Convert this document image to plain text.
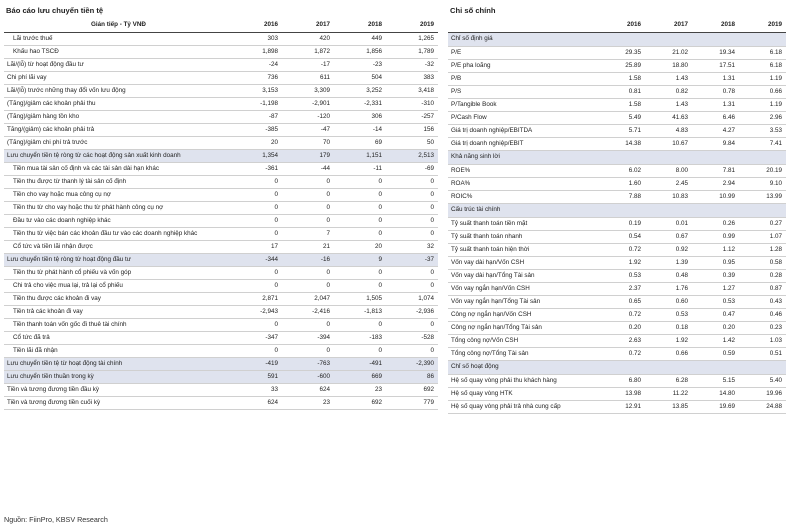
Báo cáo lưu chuyển tiền tệ
Gián tiếp - Tỷ VNĐ	2016	2017	2018	2019
Lãi trước thuế	303	420	449	1,265
Khấu hao TSCĐ	1,898	1,872	1,856	1,789
Lãi/(lỗ) từ hoạt động đầu tư	-24	-17	-23	-32
Chi phí lãi vay	736	611	504	383
Lãi/(lỗ) trước những thay đổi vốn lưu động	3,153	3,309	3,252	3,418
(Tăng)/giảm các khoản phải thu	-1,198	-2,901	-2,331	-310
(Tăng)/giảm hàng tồn kho	-87	-120	306	-257
Tăng/(giảm) các khoản phải trả	-385	-47	-14	156
(Tăng)/giảm chi phí trả trước	20	70	69	50
Lưu chuyển tiền tệ ròng từ các hoạt động sản xuất kinh doanh	1,354	179	1,151	2,513
Tiền mua tài sản cố định và các tài sản dài hạn khác	-361	-44	-11	-69
Tiền thu được từ thanh lý tài sản cố định	0	0	0	0
Tiền cho vay hoặc mua công cụ nợ	0	0	0	0
Tiền thu từ cho vay hoặc thu từ phát hành công cụ nợ	0	0	0	0
Đầu tư vào các doanh nghiệp khác	0	0	0	0
Tiền thu từ việc bán các khoản đầu tư vào các doanh nghiệp khác	0	7	0	0
Cổ tức và tiền lãi nhận được	17	21	20	32
Lưu chuyển tiền tệ ròng từ hoạt động đầu tư	-344	-16	9	-37
Tiền thu từ phát hành cổ phiếu và vốn góp	0	0	0	0
Chi trả cho việc mua lại, trả lại cổ phiếu	0	0	0	0
Tiền thu được các khoản đi vay	2,871	2,047	1,505	1,074
Tiền trả các khoản đi vay	-2,943	-2,416	-1,813	-2,936
Tiền thanh toán vốn gốc đi thuê tài chính	0	0	0	0
Cổ tức đã trả	-347	-394	-183	-528
Tiền lãi đã nhận	0	0	0	0
Lưu chuyển tiền tệ từ hoạt động tài chính	-419	-763	-491	-2,390
Lưu chuyển tiền thuần trong kỳ	591	-600	669	86
Tiền và tương đương tiền đầu kỳ	33	624	23	692
Tiền và tương đương tiền cuối kỳ	624	23	692	779
Chỉ số chính
	2016	2017	2018	2019
Chỉ số định giá				
P/E	29.35	21.02	19.34	6.18
P/E pha loãng	25.89	18.80	17.51	6.18
P/B	1.58	1.43	1.31	1.19
P/S	0.81	0.82	0.78	0.66
P/Tangible Book	1.58	1.43	1.31	1.19
P/Cash Flow	5.49	41.63	6.46	2.96
Giá trị doanh nghiệp/EBITDA	5.71	4.83	4.27	3.53
Giá trị doanh nghiệp/EBIT	14.38	10.67	9.84	7.41
Khả năng sinh lời				
ROE%	6.02	8.00	7.81	20.19
ROA%	1.60	2.45	2.94	9.10
ROIC%	7.88	10.83	10.99	13.99
Cấu trúc tài chính				
Tỷ suất thanh toán tiền mặt	0.19	0.01	0.26	0.27
Tỷ suất thanh toán nhanh	0.54	0.67	0.99	1.07
Tỷ suất thanh toán hiện thời	0.72	0.92	1.12	1.28
Vốn vay dài hạn/Vốn CSH	1.92	1.39	0.95	0.58
Vốn vay dài hạn/Tổng Tài sản	0.53	0.48	0.39	0.28
Vốn vay ngắn hạn/Vốn CSH	2.37	1.76	1.27	0.87
Vốn vay ngắn hạn/Tổng Tài sản	0.65	0.60	0.53	0.43
Công nợ ngắn hạn/Vốn CSH	0.72	0.53	0.47	0.46
Công nợ ngắn hạn/Tổng Tài sản	0.20	0.18	0.20	0.23
Tổng công nợ/Vốn CSH	2.63	1.92	1.42	1.03
Tổng công nợ/Tổng Tài sản	0.72	0.66	0.59	0.51
Chỉ số hoạt động				
Hệ số quay vòng phải thu khách hàng	6.80	6.28	5.15	5.40
Hệ số quay vòng HTK	13.98	11.22	14.80	19.96
Hệ số quay vòng phải trả nhà cung cấp	12.91	13.85	19.69	24.88
Nguồn: FiinPro, KBSV Research
